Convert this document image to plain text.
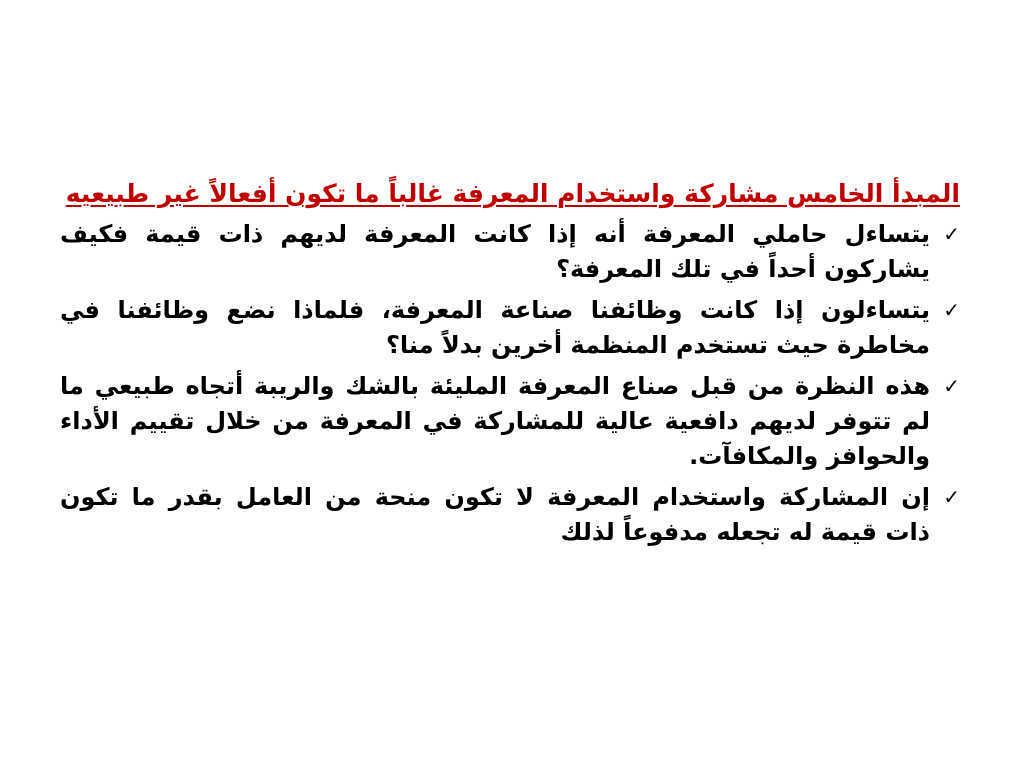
المبدأ الخامس مشاركة واستخدام المعرفة غالباً ما تكون أفعالاً غير طبيعيه

✓
يتساءل حاملي المعرفة أنه إذا كانت المعرفة لديهم ذات قيمة فكيف يشاركون أحداً في تلك المعرفة؟
✓
يتساءلون إذا كانت وظائفنا صناعة المعرفة، فلماذا نضع وظائفنا في مخاطرة حيث تستخدم المنظمة أخرين بدلاً منا؟
✓
هذه النظرة من قبل صناع المعرفة المليئة بالشك والريبة أتجاه طبيعي ما لم تتوفر لديهم دافعية عالية للمشاركة في المعرفة من خلال تقييم الأداء والحوافز والمكافآت.
✓
إن المشاركة واستخدام المعرفة لا تكون منحة من العامل بقدر ما تكون ذات قيمة له تجعله مدفوعاً لذلك
